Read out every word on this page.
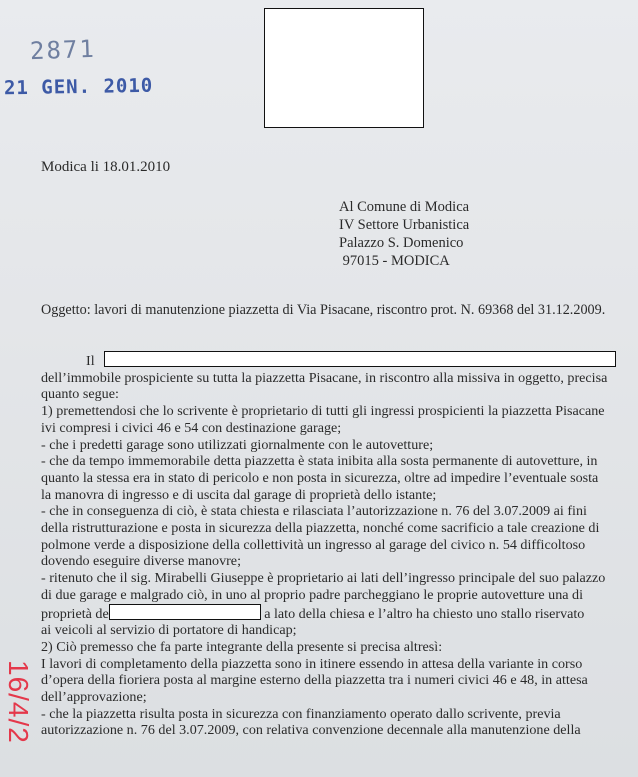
2871
21 GEN. 2010
16/4/2
Modica li 18.01.2010
Al Comune di Modica
IV Settore Urbanistica
Palazzo S. Domenico
97015 - MODICA
Oggetto: lavori di manutenzione piazzetta di Via Pisacane, riscontro prot. N. 69368 del 31.12.2009.
Il
dell’immobile prospiciente su tutta la piazzetta Pisacane, in riscontro alla missiva in oggetto, precisa
quanto segue:
1) premettendosi che lo scrivente è proprietario di tutti gli ingressi prospicienti la piazzetta Pisacane
ivi compresi i civici 46 e 54 con destinazione garage;
- che i predetti garage sono utilizzati giornalmente con le autovetture;
- che da tempo immemorabile detta piazzetta è stata inibita alla sosta permanente di autovetture, in
quanto la stessa era in stato di pericolo e non posta in sicurezza, oltre ad impedire l’eventuale sosta
la manovra di ingresso e di uscita dal garage di proprietà dello istante;
- che in conseguenza di ciò, è stata chiesta e rilasciata l’autorizzazione n. 76 del 3.07.2009 ai fini
della ristrutturazione e posta in sicurezza della piazzetta, nonché come sacrificio a tale creazione di
polmone verde a disposizione della collettività un ingresso al garage del civico n. 54 difficoltoso
dovendo eseguire diverse manovre;
- ritenuto che il sig. Mirabelli Giuseppe è proprietario ai lati dell’ingresso principale del suo palazzo
di due garage e malgrado ciò, in uno al proprio padre parcheggiano le proprie autovetture una di
proprietà de	a lato della chiesa e l’altro ha chiesto uno stallo riservato
ai veicoli al servizio di portatore di handicap;
2) Ciò premesso che fa parte integrante della presente si precisa altresì:
I lavori di completamento della piazzetta sono in itinere essendo in attesa della variante in corso
d’opera della fioriera posta al margine esterno della piazzetta tra i numeri civici 46 e 48, in attesa
dell’approvazione;
- che la piazzetta risulta posta in sicurezza con finanziamento operato dallo scrivente, previa
autorizzazione n. 76 del 3.07.2009, con relativa convenzione decennale alla manutenzione della
